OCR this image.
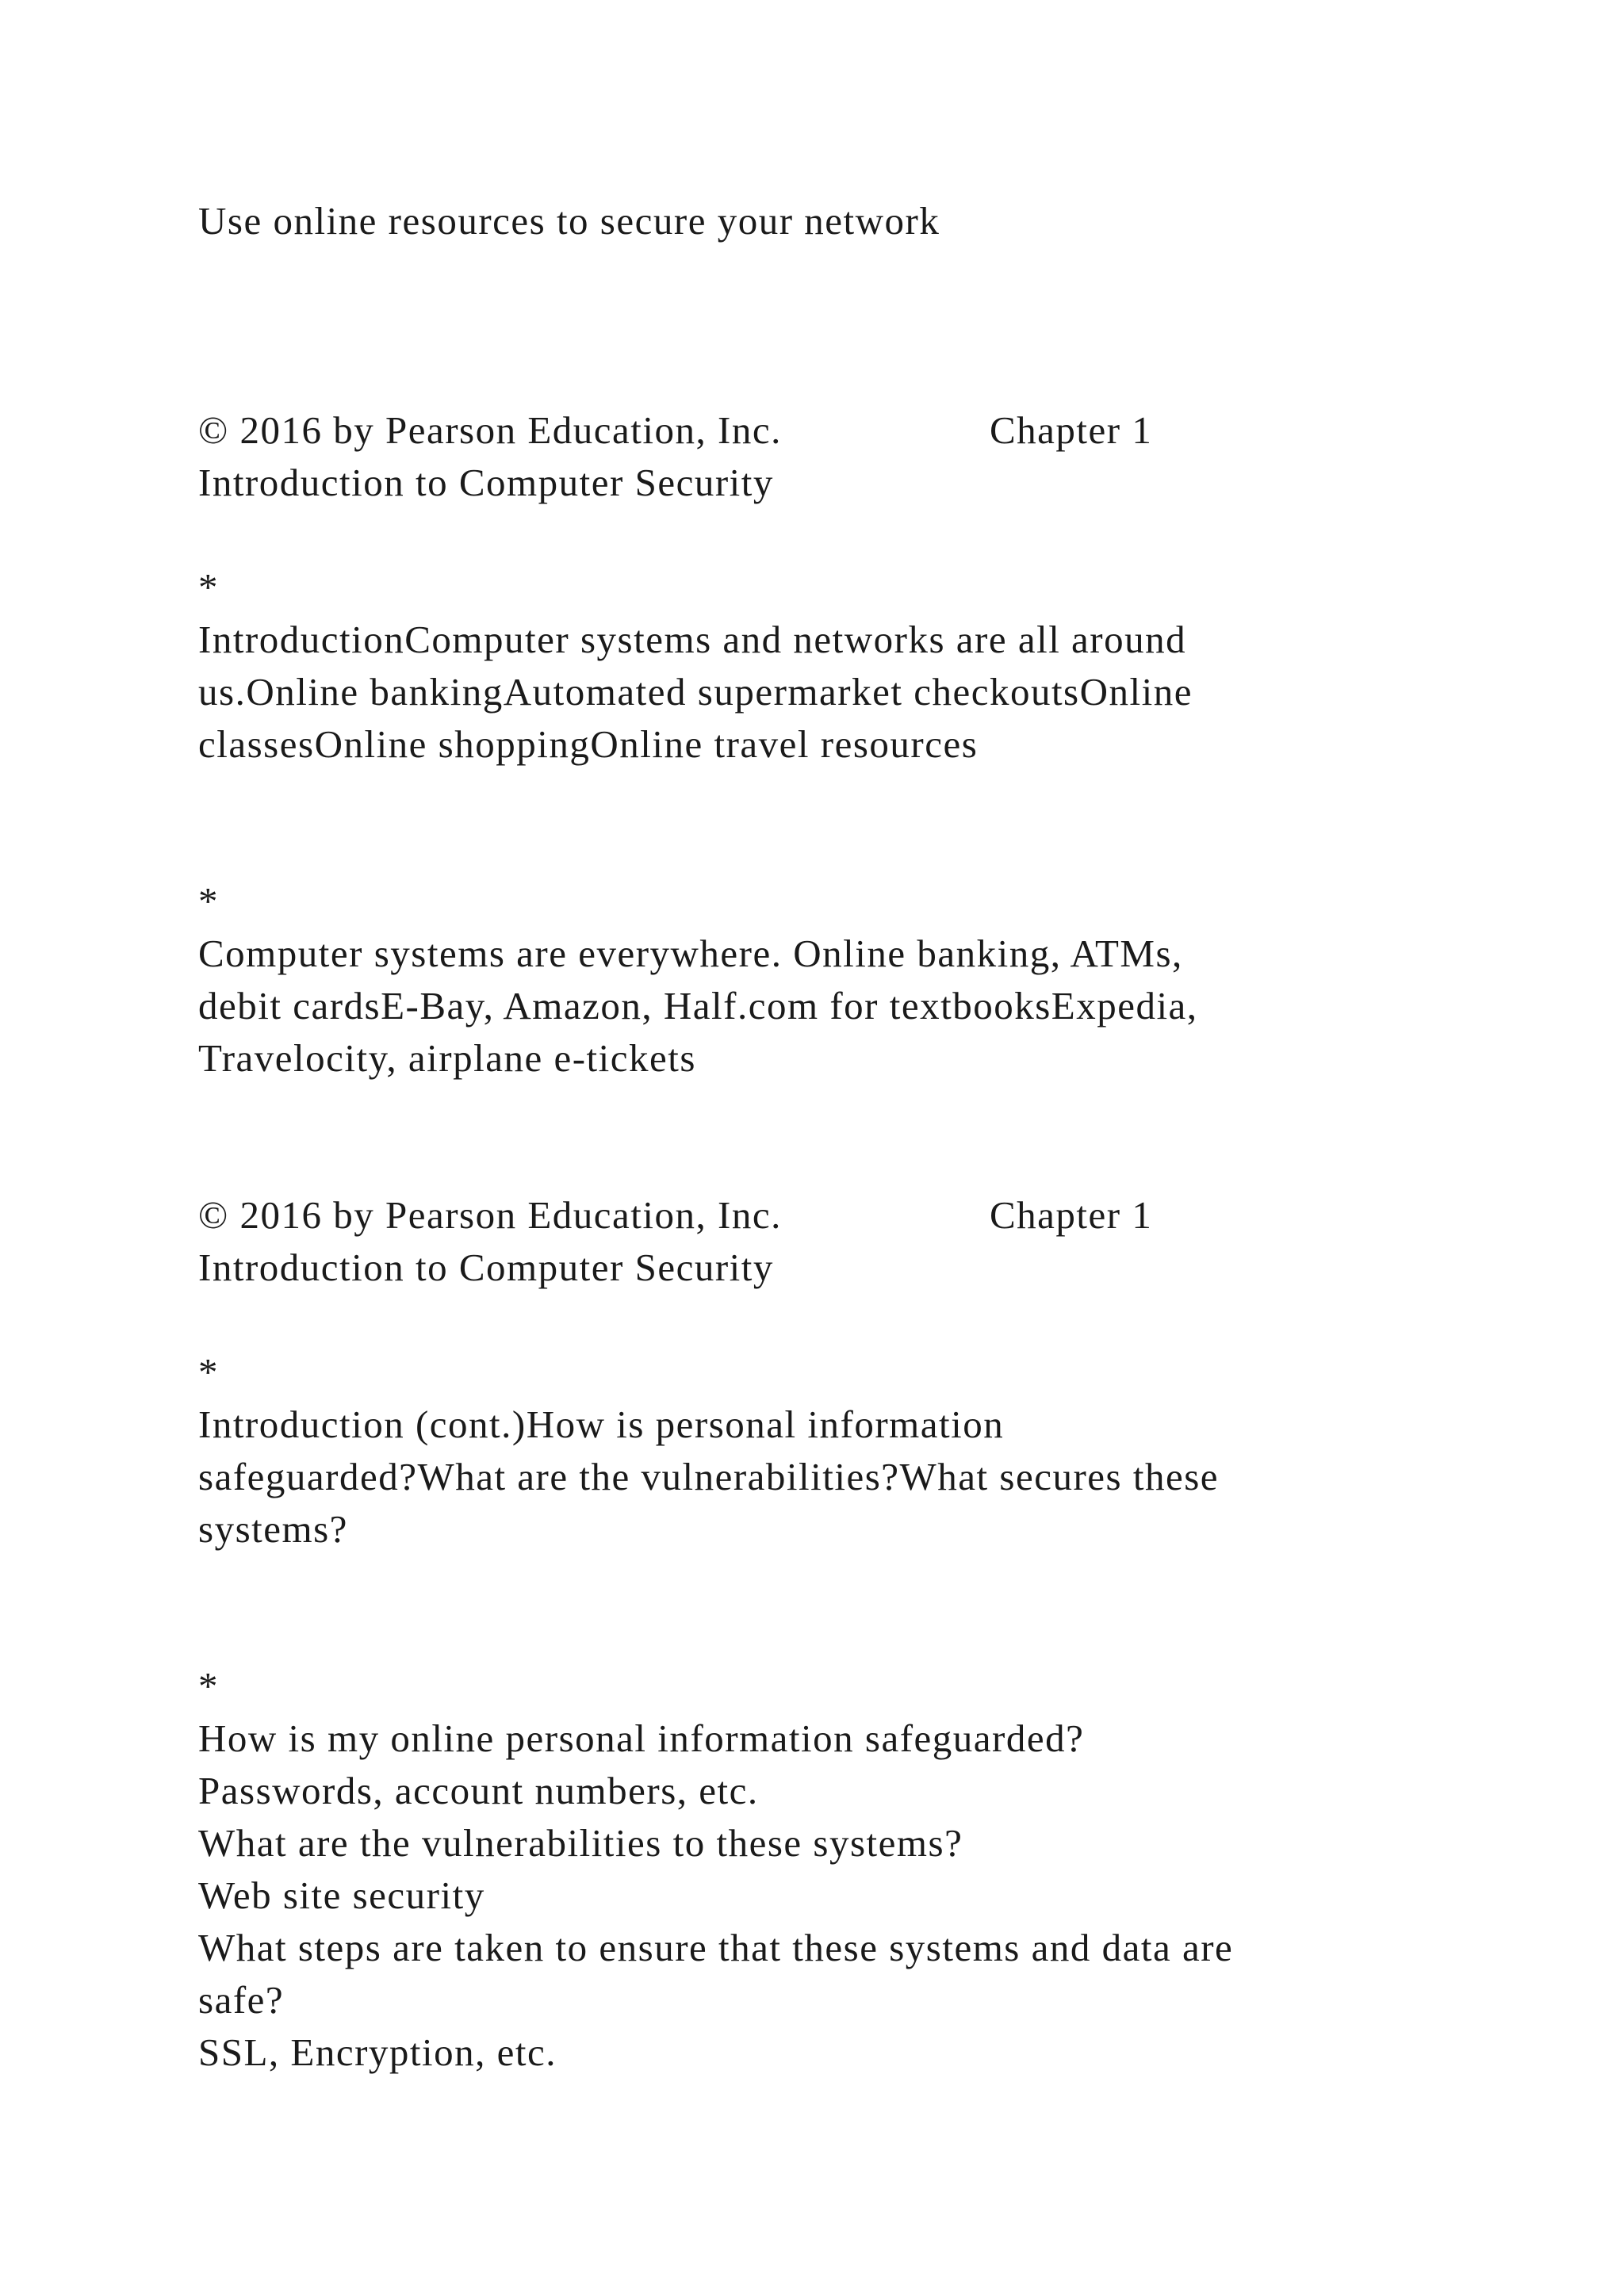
Use online resources to secure your network

© 2016 by Pearson Education, Inc.	Chapter 1

Introduction to Computer Security

*

IntroductionComputer systems and networks are all around

us.Online bankingAutomated supermarket checkoutsOnline

classesOnline shoppingOnline travel resources

*

Computer systems are everywhere. Online banking, ATMs,

debit cardsE-Bay, Amazon, Half.com for textbooksExpedia,

Travelocity, airplane e-tickets

© 2016 by Pearson Education, Inc.	Chapter 1

Introduction to Computer Security

*

Introduction (cont.)How is personal information

safeguarded?What are the vulnerabilities?What secures these

systems?

*

How is my online personal information safeguarded?

Passwords, account numbers, etc.

What are the vulnerabilities to these systems?

Web site security

What steps are taken to ensure that these systems and data are

safe?

SSL, Encryption, etc.
